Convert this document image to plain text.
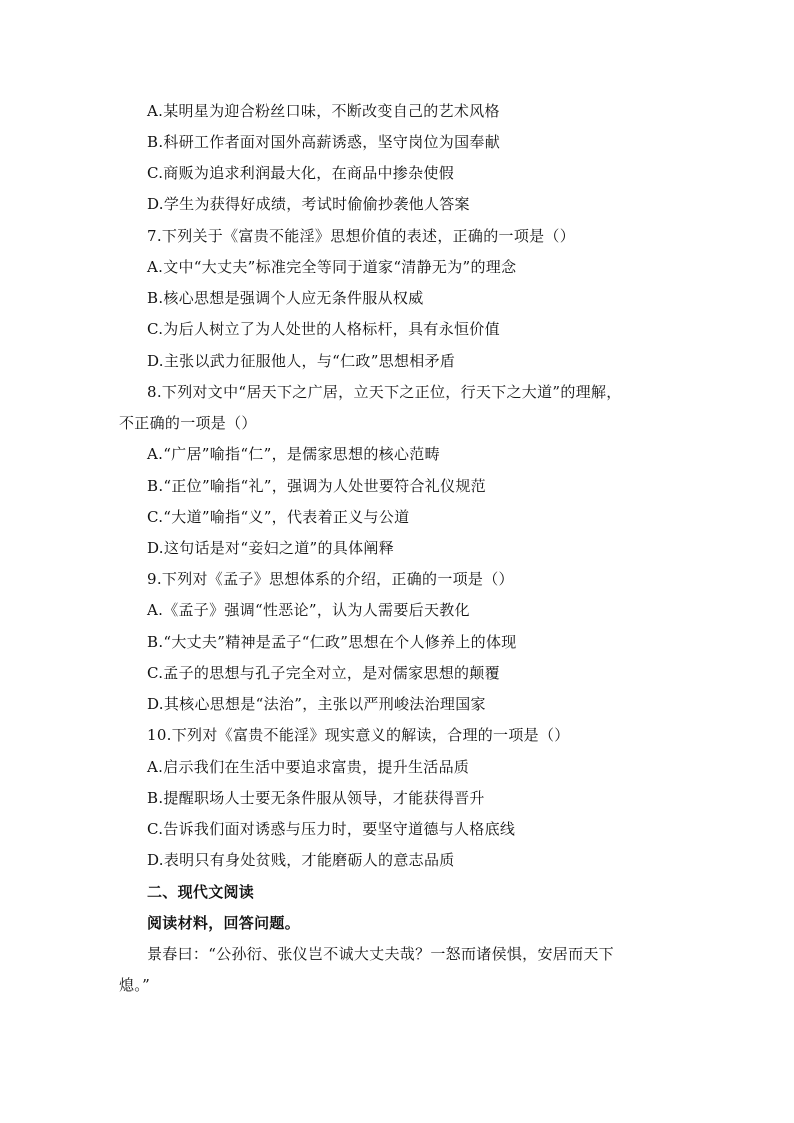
A.某明星为迎合粉丝口味，不断改变自己的艺术风格
B.科研工作者面对国外高薪诱惑，坚守岗位为国奉献
C.商贩为追求利润最大化，在商品中掺杂使假
D.学生为获得好成绩，考试时偷偷抄袭他人答案
7.下列关于《富贵不能淫》思想价值的表述，正确的一项是（）
A.文中“大丈夫”标准完全等同于道家“清静无为”的理念
B.核心思想是强调个人应无条件服从权威
C.为后人树立了为人处世的人格标杆，具有永恒价值
D.主张以武力征服他人，与“仁政”思想相矛盾
8.下列对文中“居天下之广居，立天下之正位，行天下之大道”的理解，
不正确的一项是（）
A.“广居”喻指“仁”，是儒家思想的核心范畴
B.“正位”喻指“礼”，强调为人处世要符合礼仪规范
C.“大道”喻指“义”，代表着正义与公道
D.这句话是对“妾妇之道”的具体阐释
9.下列对《孟子》思想体系的介绍，正确的一项是（）
A.《孟子》强调“性恶论”，认为人需要后天教化
B.“大丈夫”精神是孟子“仁政”思想在个人修养上的体现
C.孟子的思想与孔子完全对立，是对儒家思想的颠覆
D.其核心思想是“法治”，主张以严刑峻法治理国家
10.下列对《富贵不能淫》现实意义的解读，合理的一项是（）
A.启示我们在生活中要追求富贵，提升生活品质
B.提醒职场人士要无条件服从领导，才能获得晋升
C.告诉我们面对诱惑与压力时，要坚守道德与人格底线
D.表明只有身处贫贱，才能磨砺人的意志品质
二、现代文阅读
阅读材料，回答问题。
景春曰：“公孙衍、张仪岂不诚大丈夫哉？一怒而诸侯惧，安居而天下
熄。”
